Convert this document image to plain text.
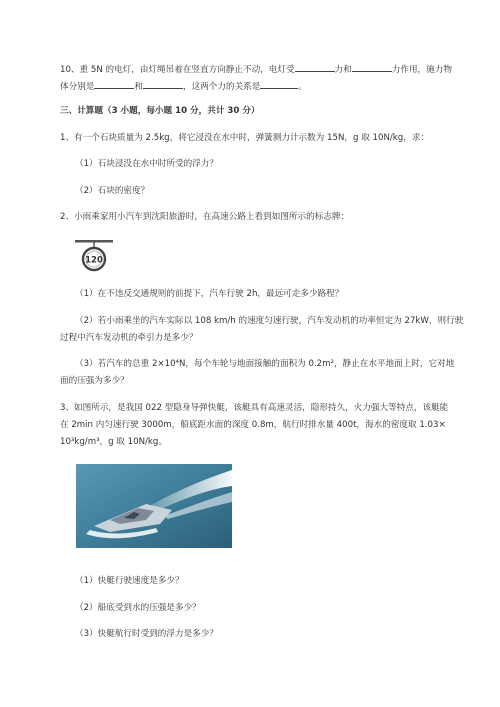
10、重 5N 的电灯，由灯绳吊着在竖直方向静止不动，电灯受	力和	力作用，施力物
体分别是	和	，这两个力的关系是	。
三、计算题（3 小题，每小题 10 分，共计 30 分）
1、有一个石块质量为 2.5kg，将它浸没在水中时，弹簧测力计示数为 15N，g 取 10N/kg，求：
（1）石块浸没在水中时所受的浮力？
（2）石块的密度？
2、小雨乘家用小汽车到沈阳旅游时，在高速公路上看到如图所示的标志牌：
120
（1）在不违反交通规则的前提下，汽车行驶 2h，最远可走多少路程？
（2）若小雨乘坐的汽车实际以 108 km/h 的速度匀速行驶，汽车发动机的功率恒定为 27kW，则行驶
过程中汽车发动机的牵引力是多少？
（3）若汽车的总重 2×10⁴N，每个车轮与地面接触的面积为 0.2m²，静止在水平地面上时，它对地
面的压强为多少？
3、如图所示，是我国 022 型隐身导弹快艇，该艇具有高速灵活，隐形持久，火力强大等特点，该艇能
在 2min 内匀速行驶 3000m，船底距水面的深度 0.8m，航行时排水量 400t，海水的密度取 1.03×
10³kg/m³，g 取 10N/kg。
（1）快艇行驶速度是多少？
（2）船底受到水的压强是多少？
（3）快艇航行时受到的浮力是多少？
